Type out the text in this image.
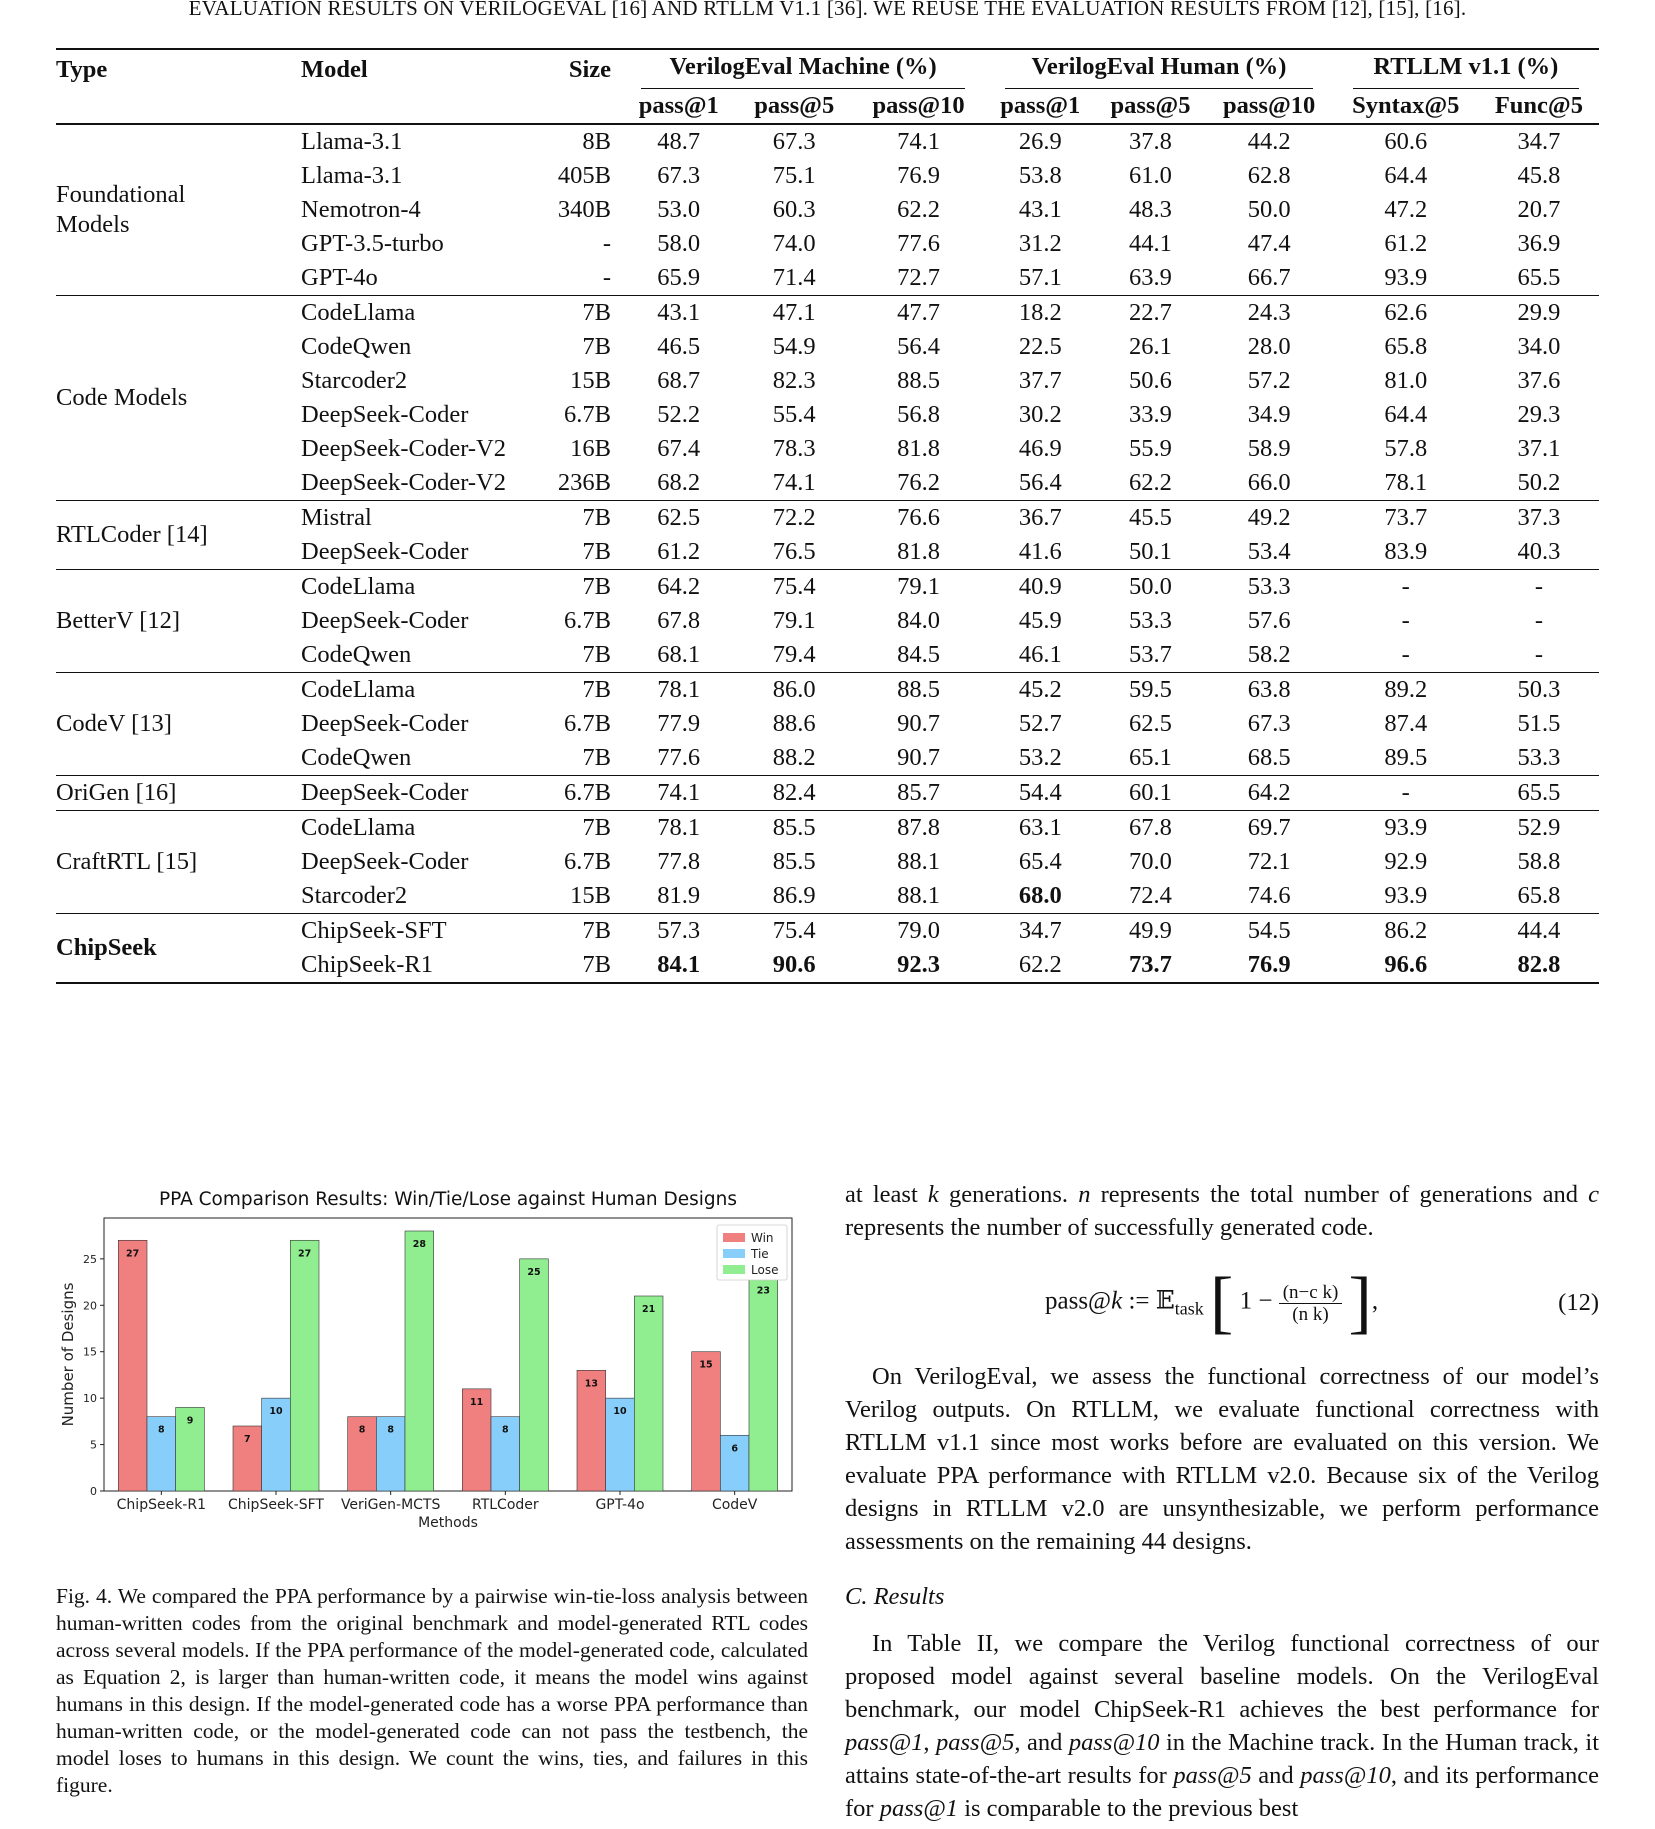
EVALUATION RESULTS ON VERILOGEVAL [16] AND RTLLM V1.1 [36]. WE REUSE THE EVALUATION RESULTS FROM [12], [15], [16].
Type	Model	Size	VerilogEval Machine (%)			VerilogEval Human (%)			RTLLM v1.1 (%)	

			pass@1	pass@5	pass@10	pass@1	pass@5	pass@10	Syntax@5	Func@5
Foundational Models	Llama-3.1	8B	48.7	67.3	74.1	26.9	37.8	44.2	60.6	34.7
	Llama-3.1	405B	67.3	75.1	76.9	53.8	61.0	62.8	64.4	45.8
	Nemotron-4	340B	53.0	60.3	62.2	43.1	48.3	50.0	47.2	20.7
	GPT-3.5-turbo	-	58.0	74.0	77.6	31.2	44.1	47.4	61.2	36.9
	GPT-4o	-	65.9	71.4	72.7	57.1	63.9	66.7	93.9	65.5
Code Models	CodeLlama	7B	43.1	47.1	47.7	18.2	22.7	24.3	62.6	29.9
	CodeQwen	7B	46.5	54.9	56.4	22.5	26.1	28.0	65.8	34.0
	Starcoder2	15B	68.7	82.3	88.5	37.7	50.6	57.2	81.0	37.6
	DeepSeek-Coder	6.7B	52.2	55.4	56.8	30.2	33.9	34.9	64.4	29.3
	DeepSeek-Coder-V2	16B	67.4	78.3	81.8	46.9	55.9	58.9	57.8	37.1
	DeepSeek-Coder-V2	236B	68.2	74.1	76.2	56.4	62.2	66.0	78.1	50.2
RTLCoder [14]	Mistral	7B	62.5	72.2	76.6	36.7	45.5	49.2	73.7	37.3
	DeepSeek-Coder	7B	61.2	76.5	81.8	41.6	50.1	53.4	83.9	40.3
BetterV [12]	CodeLlama	7B	64.2	75.4	79.1	40.9	50.0	53.3	-	-
	DeepSeek-Coder	6.7B	67.8	79.1	84.0	45.9	53.3	57.6	-	-
	CodeQwen	7B	68.1	79.4	84.5	46.1	53.7	58.2	-	-
CodeV [13]	CodeLlama	7B	78.1	86.0	88.5	45.2	59.5	63.8	89.2	50.3
	DeepSeek-Coder	6.7B	77.9	88.6	90.7	52.7	62.5	67.3	87.4	51.5
	CodeQwen	7B	77.6	88.2	90.7	53.2	65.1	68.5	89.5	53.3
OriGen [16]	DeepSeek-Coder	6.7B	74.1	82.4	85.7	54.4	60.1	64.2	-	65.5
CraftRTL [15]	CodeLlama	7B	78.1	85.5	87.8	63.1	67.8	69.7	93.9	52.9
	DeepSeek-Coder	6.7B	77.8	85.5	88.1	65.4	70.0	72.1	92.9	58.8
	Starcoder2	15B	81.9	86.9	88.1	68.0	72.4	74.6	93.9	65.8
ChipSeek	ChipSeek-SFT	7B	57.3	75.4	79.0	34.7	49.9	54.5	86.2	44.4
	ChipSeek-R1	7B	84.1	90.6	92.3	62.2	73.7	76.9	96.6	82.8
PPA Comparison Results: Win/Tie/Lose against Human Designs
0
5
10
15
20
25
Number of Designs
27
8
9
ChipSeek-R1
7
10
27
ChipSeek-SFT
8 8
28
VeriGen-MCTS
11
8
25
RTLCoder
13
10
21
GPT-4o
15
6
23
CodeV
Methods
Win
Tie
Lose
Fig. 4. We compared the PPA performance by a pairwise win-tie-loss analysis between human-written codes from the original benchmark and model-generated RTL codes across several models. If the PPA performance of the model-generated code, calculated as Equation 2, is larger than human-written code, it means the model wins against humans in this design. If the model-generated code has a worse PPA performance than human-written code, or the model-generated code can not pass the testbench, the model loses to humans in this design. We count the wins, ties, and failures in this figure.

at least k generations. n represents the total number of generations and c represents the number of successfully generated code.

pass@k := 𝔼$_{task}$ [ $1 - \frac{\text{(n−c k)}}{\text{(n k)}}$ ],	(12)

On VerilogEval, we assess the functional correctness of our model’s Verilog outputs. On RTLLM, we evaluate functional correctness with RTLLM v1.1 since most works before are evaluated on this version. We evaluate PPA performance with RTLLM v2.0. Because six of the Verilog designs in RTLLM v2.0 are unsynthesizable, we perform performance assessments on the remaining 44 designs.

C. Results

In Table II, we compare the Verilog functional correctness of our proposed model against several baseline models. On the VerilogEval benchmark, our model ChipSeek-R1 achieves the best performance for pass@1, pass@5, and pass@10 in the Machine track. In the Human track, it attains state-of-the-art results for pass@5 and pass@10, and its performance for pass@1 is comparable to the previous best
